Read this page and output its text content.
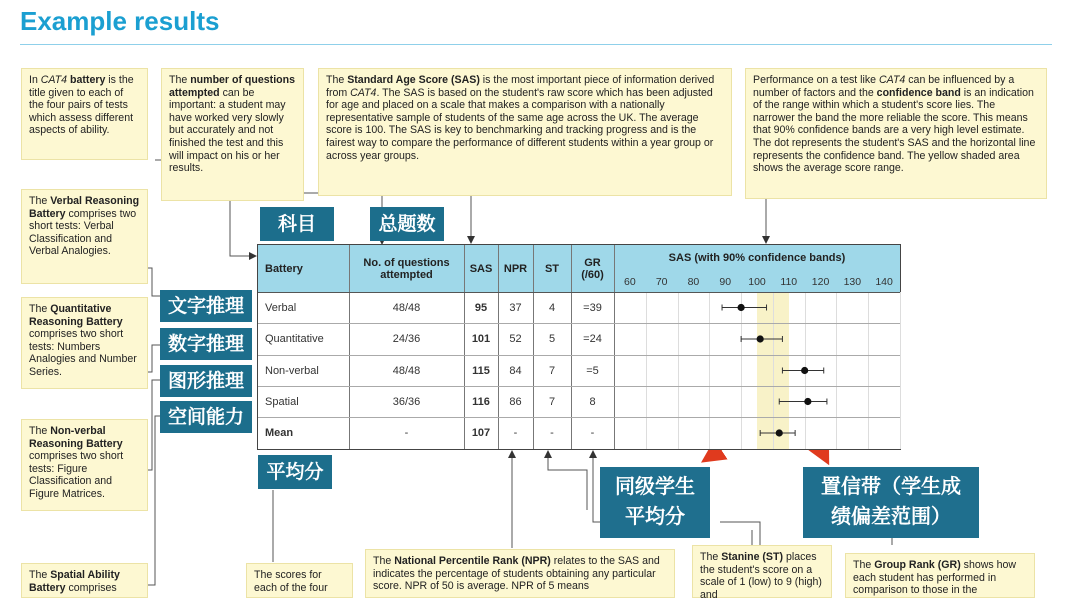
Example results
In CAT4 battery is the title given to each of the four pairs of tests which assess different aspects of ability.
The number of questions attempted can be important: a student may have worked very slowly but accurately and not finished the test and this will impact on his or her results.
The Standard Age Score (SAS) is the most important piece of information derived from CAT4. The SAS is based on the student's raw score which has been adjusted for age and placed on a scale that makes a comparison with a nationally representative sample of students of the same age across the UK. The average score is 100. The SAS is key to benchmarking and tracking progress and is the fairest way to compare the performance of different students within a year group or across year groups.
Performance on a test like CAT4 can be influenced by a number of factors and the confidence band is an indication of the range within which a student's score lies. The narrower the band the more reliable the score. This means that 90% confidence bands are a very high level estimate. The dot represents the student's SAS and the horizontal line represents the confidence band. The yellow shaded area shows the average score range.
The Verbal Reasoning Battery comprises two short tests: Verbal Classification and Verbal Analogies.
The Quantitative Reasoning Battery comprises two short tests: Numbers Analogies and Number Series.
The Non-verbal Reasoning Battery comprises two short tests: Figure Classification and Figure Matrices.
The Spatial Ability Battery comprises
The scores for each of the four
The National Percentile Rank (NPR) relates to the SAS and indicates the percentage of students obtaining any particular score. NPR of 50 is average. NPR of 5 means
The Stanine (ST) places the student's score on a scale of 1 (low) to 9 (high) and
The Group Rank (GR) shows how each student has performed in comparison to those in the
Battery	No. of questions attempted	SAS	NPR	ST	GR (/60)
SAS (with 90% confidence bands)
60 70 80 90 100 110 120 130 140
Verbal	48/48	95	37	4	=39
Quantitative	24/36	101	52	5	=24
Non-verbal	48/48	115	84	7	=5
Spatial	36/36	116	86	7	8
Mean	-	107	-	-	-
科目	总题数
文字推理
数字推理
图形推理
空间能力
平均分
同级学生
平均分
置信带（学生成
绩偏差范围）
